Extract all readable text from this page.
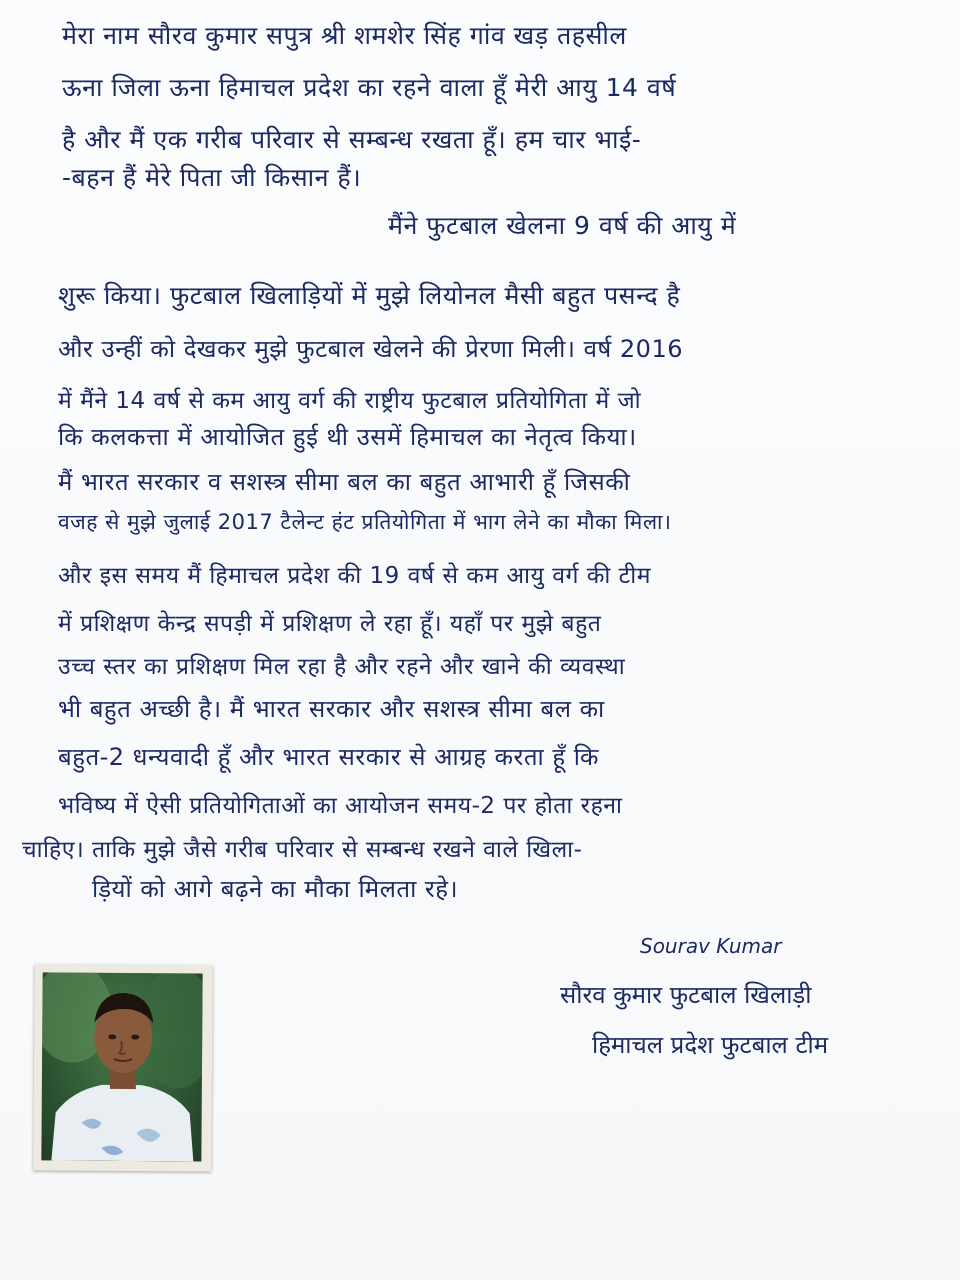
मेरा नाम सौरव कुमार सपुत्र श्री शमशेर सिंह गांव खड़ तहसील
ऊना जिला ऊना हिमाचल प्रदेश का रहने वाला हूँ मेरी आयु 14 वर्ष
है और मैं एक गरीब परिवार से सम्बन्ध रखता हूँ। हम चार भाई-
-बहन हैं मेरे पिता जी किसान हैं।
मैंने फुटबाल खेलना 9 वर्ष की आयु में
शुरू किया। फुटबाल खिलाड़ियों में मुझे लियोनल मैसी बहुत पसन्द है
और उन्हीं को देखकर मुझे फुटबाल खेलने की प्रेरणा मिली। वर्ष 2016
में मैंने 14 वर्ष से कम आयु वर्ग की राष्ट्रीय फुटबाल प्रतियोगिता में जो
कि कलकत्ता में आयोजित हुई थी उसमें हिमाचल का नेतृत्व किया।
मैं भारत सरकार व सशस्त्र सीमा बल का बहुत आभारी हूँ जिसकी
वजह से मुझे जुलाई 2017 टैलेन्ट हंट प्रतियोगिता में भाग लेने का मौका मिला।
और इस समय मैं हिमाचल प्रदेश की 19 वर्ष से कम आयु वर्ग की टीम
में प्रशिक्षण केन्द्र सपड़ी में प्रशिक्षण ले रहा हूँ। यहाँ पर मुझे बहुत
उच्च स्तर का प्रशिक्षण मिल रहा है और रहने और खाने की व्यवस्था
भी बहुत अच्छी है। मैं भारत सरकार और सशस्त्र सीमा बल का
बहुत-2 धन्यवादी हूँ और भारत सरकार से आग्रह करता हूँ कि
भविष्य में ऐसी प्रतियोगिताओं का आयोजन समय-2 पर होता रहना
चाहिए। ताकि मुझे जैसे गरीब परिवार से सम्बन्ध रखने वाले खिला-
ड़ियों को आगे बढ़ने का मौका मिलता रहे।
Sourav Kumar
सौरव कुमार फुटबाल खिलाड़ी
हिमाचल प्रदेश फुटबाल टीम
